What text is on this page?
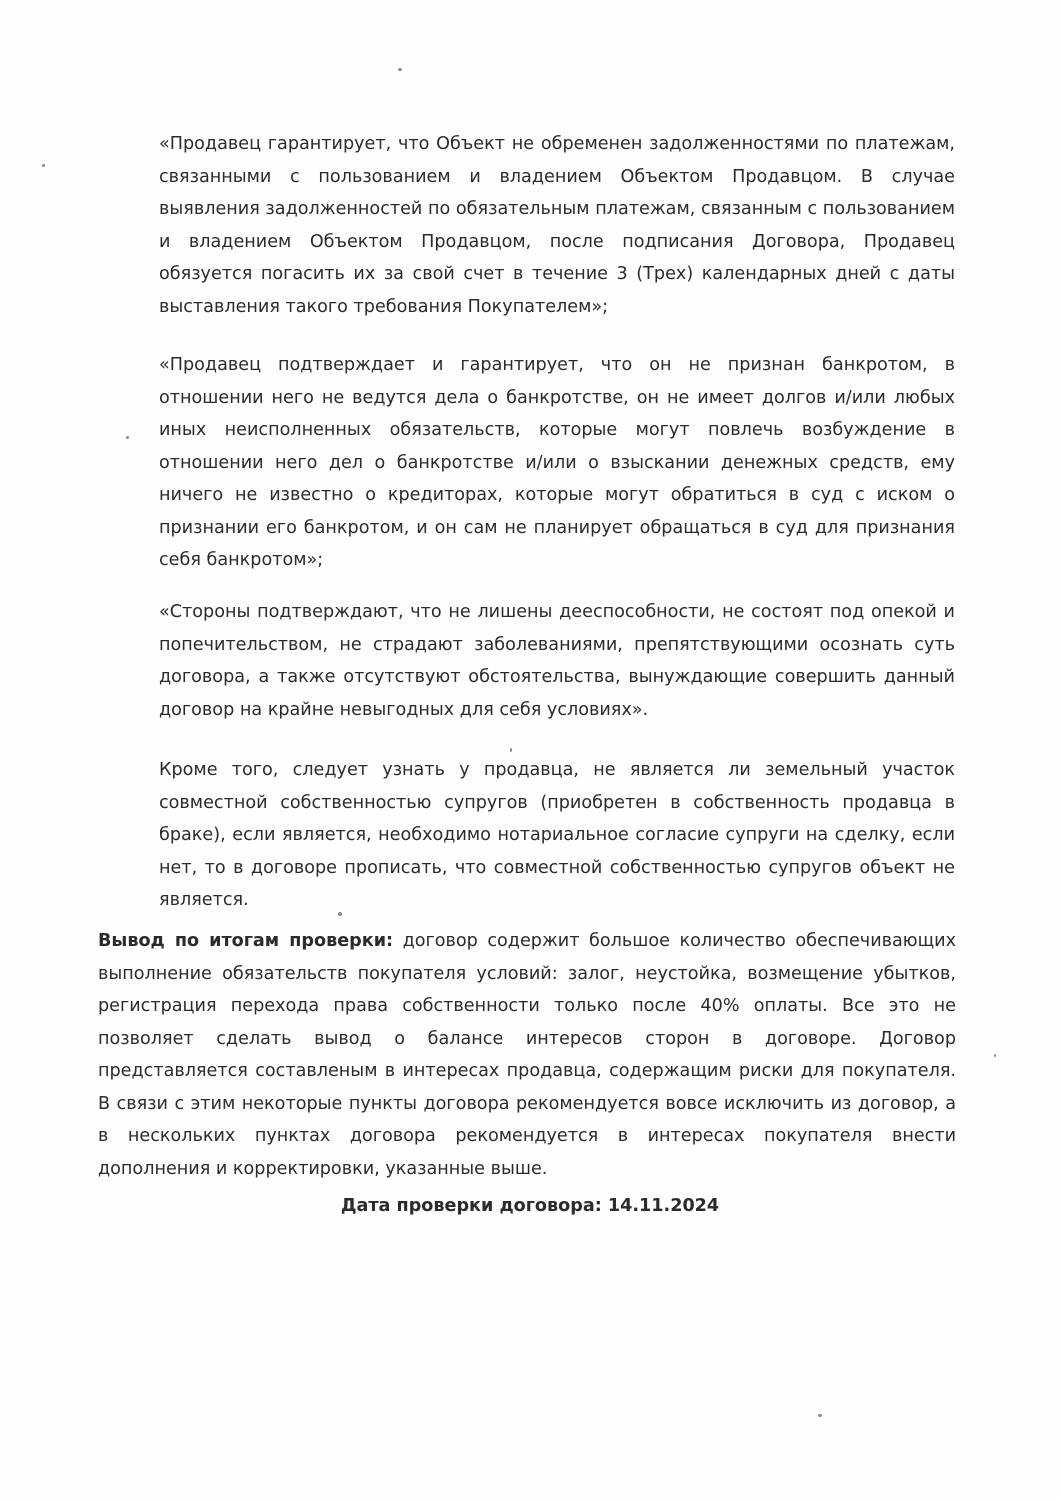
«Продавец гарантирует, что Объект не обременен задолженностями по платежам, связанными с пользованием и владением Объектом Продавцом. В случае выявления задолженностей по обязательным платежам, связанным с пользованием и владением Объектом Продавцом, после подписания Договора, Продавец обязуется погасить их за свой счет в течение 3 (Трех) календарных дней с даты выставления такого требования Покупателем»;

«Продавец подтверждает и гарантирует, что он не признан банкротом, в отношении него не ведутся дела о банкротстве, он не имеет долгов и/или любых иных неисполненных обязательств, которые могут повлечь возбуждение в отношении него дел о банкротстве и/или о взыскании денежных средств, ему ничего не известно о кредиторах, которые могут обратиться в суд с иском о признании его банкротом, и он сам не планирует обращаться в суд для признания себя банкротом»;

«Стороны подтверждают, что не лишены дееспособности, не состоят под опекой и попечительством, не страдают заболеваниями, препятствующими осознать суть договора, а также отсутствуют обстоятельства, вынуждающие совершить данный договор на крайне невыгодных для себя условиях».

Кроме того, следует узнать у продавца, не является ли земельный участок совместной собственностью супругов (приобретен в собственность продавца в браке), если является, необходимо нотариальное согласие супруги на сделку, если нет, то в договоре прописать, что совместной собственностью супругов объект не является.

Вывод по итогам проверки: договор содержит большое количество обеспечивающих выполнение обязательств покупателя условий: залог, неустойка, возмещение убытков, регистрация перехода права собственности только после 40% оплаты. Все это не позволяет сделать вывод о балансе интересов сторон в договоре. Договор представляется составленым в интересах продавца, содержащим риски для покупателя. В связи с этим некоторые пункты договора рекомендуется вовсе исключить из договор, а в нескольких пунктах договора рекомендуется в интересах покупателя внести дополнения и корректировки, указанные выше.

Дата проверки договора: 14.11.2024
